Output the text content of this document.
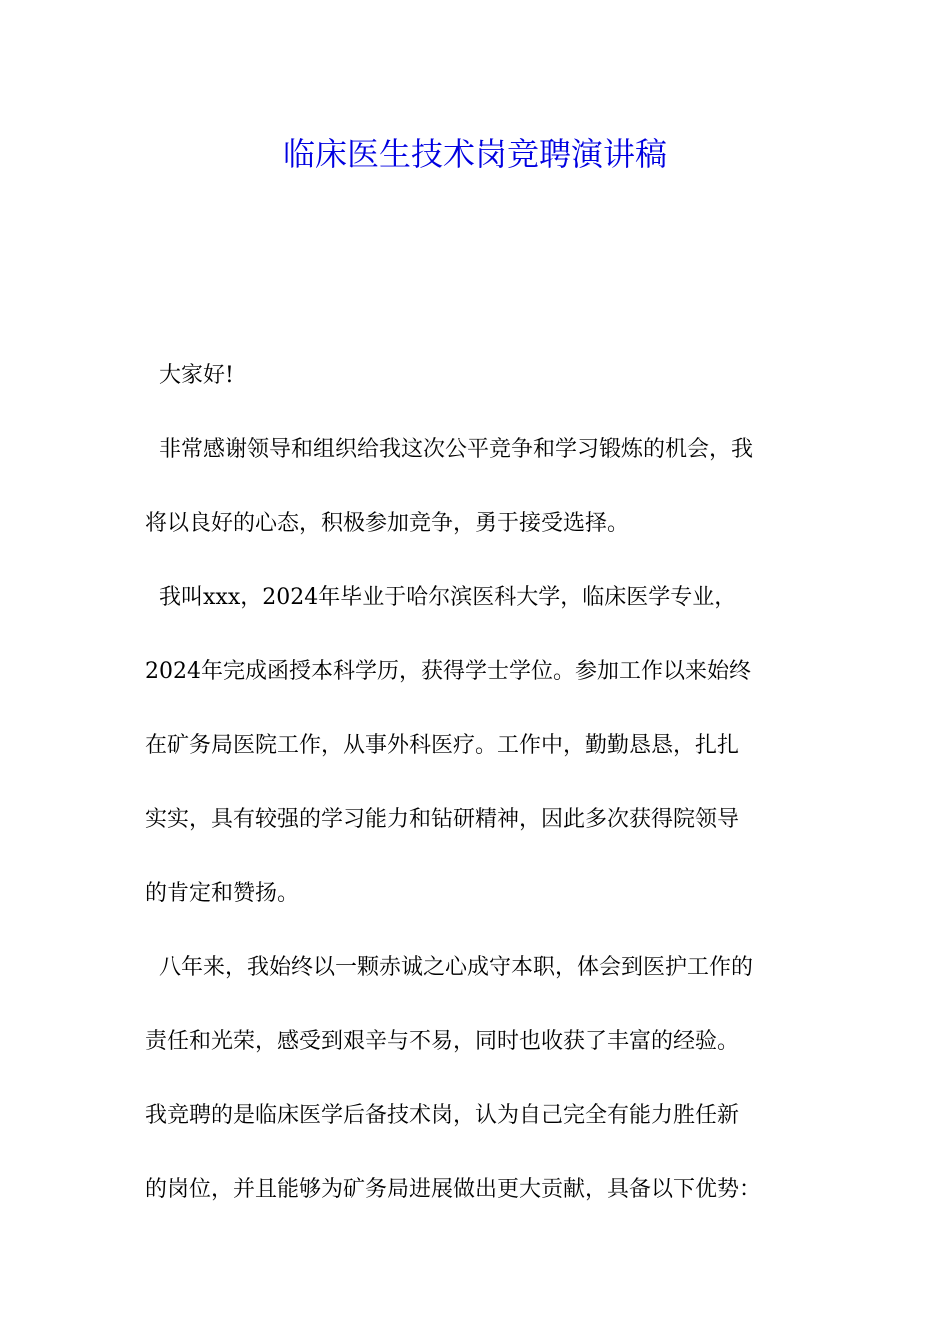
临床医生技术岗竞聘演讲稿
大家好!
非常感谢领导和组织给我这次公平竞争和学习锻炼的机会，我
将以良好的心态，积极参加竞争，勇于接受选择。
我叫xxx，2024年毕业于哈尔滨医科大学，临床医学专业，
2024年完成函授本科学历，获得学士学位。参加工作以来始终
在矿务局医院工作，从事外科医疗。工作中，勤勤恳恳，扎扎
实实，具有较强的学习能力和钻研精神，因此多次获得院领导
的肯定和赞扬。
八年来，我始终以一颗赤诚之心成守本职，体会到医护工作的
责任和光荣，感受到艰辛与不易，同时也收获了丰富的经验。
我竞聘的是临床医学后备技术岗，认为自己完全有能力胜任新
的岗位，并且能够为矿务局进展做出更大贡献，具备以下优势：
